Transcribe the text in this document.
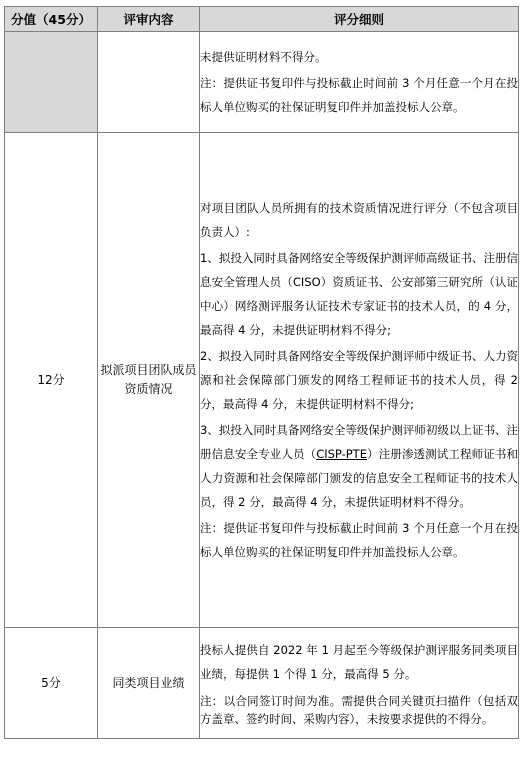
分值（45分）	评审内容	评分细则

		未提供证明材料不得分。

注：提供证书复印件与投标截止时间前 3 个月任意一个月在投标人单位购买的社保证明复印件并加盖投标人公章。

12分	拟派项目团队成员资质情况	对项目团队人员所拥有的技术资质情况进行评分（不包含项目负责人）:

1、拟投入同时具备网络安全等级保护测评师高级证书、注册信息安全管理人员（CISO）资质证书、公安部第三研究所（认证中心）网络测评服务认证技术专家证书的技术人员，的 4 分，最高得 4 分，未提供证明材料不得分;

2、拟投入同时具备网络安全等级保护测评师中级证书、人力资源和社会保障部门颁发的网络工程师证书的技术人员，得 2 分，最高得 4 分，未提供证明材料不得分;

3、拟投入同时具备网络安全等级保护测评师初级以上证书、注册信息安全专业人员（CISP-PTE）注册渗透测试工程师证书和人力资源和社会保障部门颁发的信息安全工程师证书的技术人员，得 2 分，最高得 4 分，未提供证明材料不得分。

注：提供证书复印件与投标截止时间前 3 个月任意一个月在投标人单位购买的社保证明复印件并加盖投标人公章。

5分	同类项目业绩	投标人提供自 2022 年 1 月起至今等级保护测评服务同类项目业绩，每提供 1 个得 1 分，最高得 5 分。

注：以合同签订时间为准。需提供合同关键页扫描件（包括双方盖章、签约时间、采购内容），未按要求提供的不得分。
